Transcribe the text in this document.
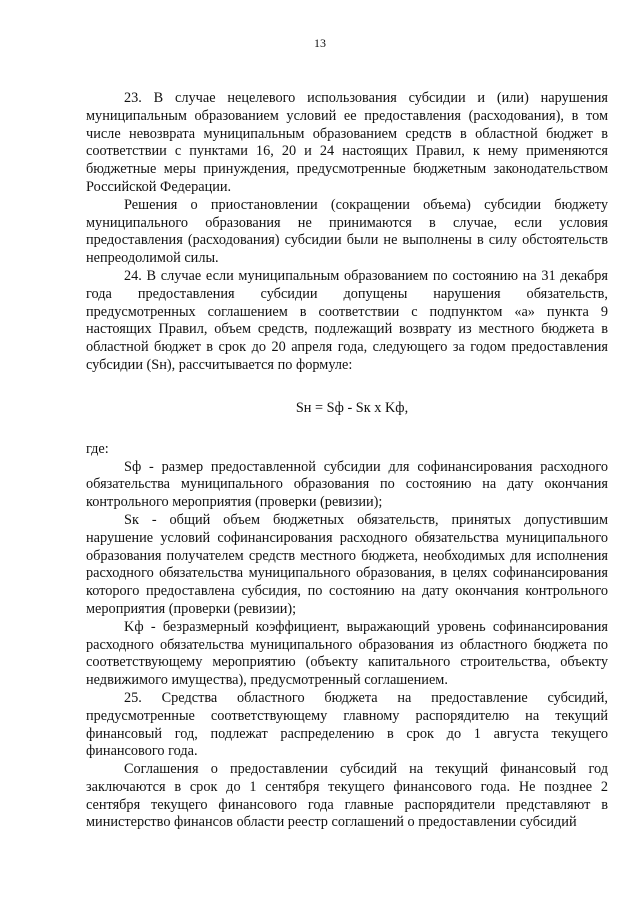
13

23. В случае нецелевого использования субсидии и (или) нарушения муниципальным образованием условий ее предоставления (расходования), в том числе невозврата муниципальным образованием средств в областной бюджет в соответствии с пунктами 16, 20 и 24 настоящих Правил, к нему применяются бюджетные меры принуждения, предусмотренные бюджетным законодательством Российской Федерации.

Решения о приостановлении (сокращении объема) субсидии бюджету муниципального образования не принимаются в случае, если условия предоставления (расходования) субсидии были не выполнены в силу обстоятельств непреодолимой силы.

24. В случае если муниципальным образованием по состоянию на 31 декабря года предоставления субсидии допущены нарушения обязательств, предусмотренных соглашением в соответствии с подпунктом «а» пункта 9 настоящих Правил, объем средств, подлежащий возврату из местного бюджета в областной бюджет в срок до 20 апреля года, следующего за годом предоставления субсидии (Sн), рассчитывается по формуле:

Sн = Sф - Sк x Kф,

где:

Sф - размер предоставленной субсидии для софинансирования расходного обязательства муниципального образования по состоянию на дату окончания контрольного мероприятия (проверки (ревизии);

Sк - общий объем бюджетных обязательств, принятых допустившим нарушение условий софинансирования расходного обязательства муниципального образования получателем средств местного бюджета, необходимых для исполнения расходного обязательства муниципального образования, в целях софинансирования которого предоставлена субсидия, по состоянию на дату окончания контрольного мероприятия (проверки (ревизии);

Kф - безразмерный коэффициент, выражающий уровень софинансирования расходного обязательства муниципального образования из областного бюджета по соответствующему мероприятию (объекту капитального строительства, объекту недвижимого имущества), предусмотренный соглашением.

25. Средства областного бюджета на предоставление субсидий, предусмотренные соответствующему главному распорядителю на текущий финансовый год, подлежат распределению в срок до 1 августа текущего финансового года.

Соглашения о предоставлении субсидий на текущий финансовый год заключаются в срок до 1 сентября текущего финансового года. Не позднее 2 сентября текущего финансового года главные распорядители представляют в министерство финансов области реестр соглашений о предоставлении субсидий
